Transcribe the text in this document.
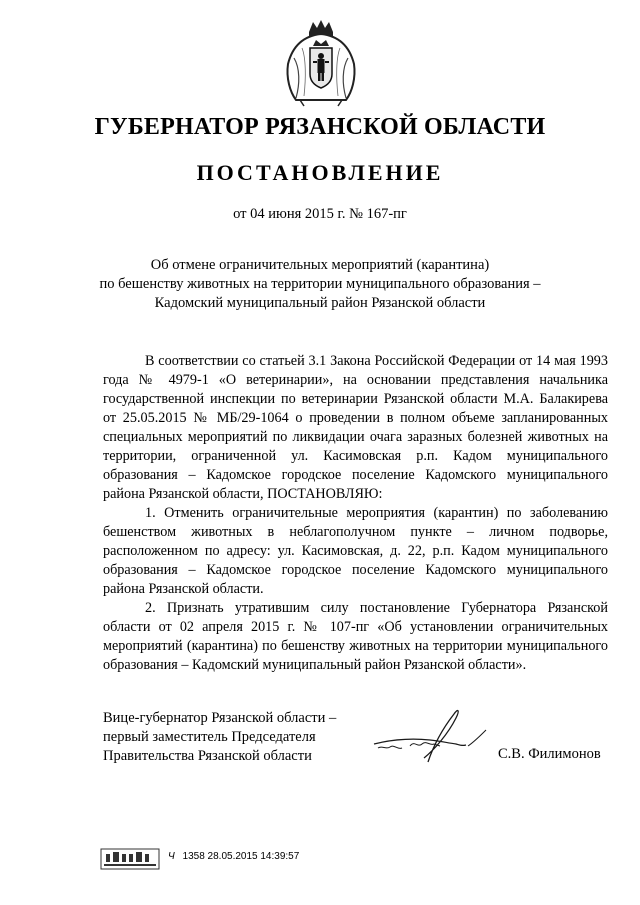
ГУБЕРНАТОР РЯЗАНСКОЙ ОБЛАСТИ
ПОСТАНОВЛЕНИЕ
от 04 июня 2015 г. № 167-пг
Об отмене ограничительных мероприятий (карантина)
по бешенству животных на территории муниципального образования –
Кадомский муниципальный район Рязанской области

В соответствии со статьей 3.1 Закона Российской Федерации от 14 мая 1993 года № 4979-1 «О ветеринарии», на основании представления начальника государственной инспекции по ветеринарии Рязанской области М.А. Балакирева от 25.05.2015 № МБ/29-1064 о проведении в полном объеме запланированных специальных мероприятий по ликвидации очага заразных болезней животных на территории, ограниченной ул. Касимовская р.п. Кадом муниципального образования – Кадомское городское поселение Кадомского муниципального района Рязанской области, ПОСТАНОВЛЯЮ:

1. Отменить ограничительные мероприятия (карантин) по заболеванию бешенством животных в неблагополучном пункте – личном подворье, расположенном по адресу: ул. Касимовская, д. 22, р.п. Кадом муниципального образования – Кадомское городское поселение Кадомского муниципального района Рязанской области.

2. Признать утратившим силу постановление Губернатора Рязанской области от 02 апреля 2015 г. № 107-пг «Об установлении ограничительных мероприятий (карантина) по бешенству животных на территории муниципального образования – Кадомский муниципальный район Рязанской области».

Вице-губернатор Рязанской области –
первый заместитель Председателя
Правительства Рязанской области	С.В. Филимонов
Ч 1358 28.05.2015 14:39:57
